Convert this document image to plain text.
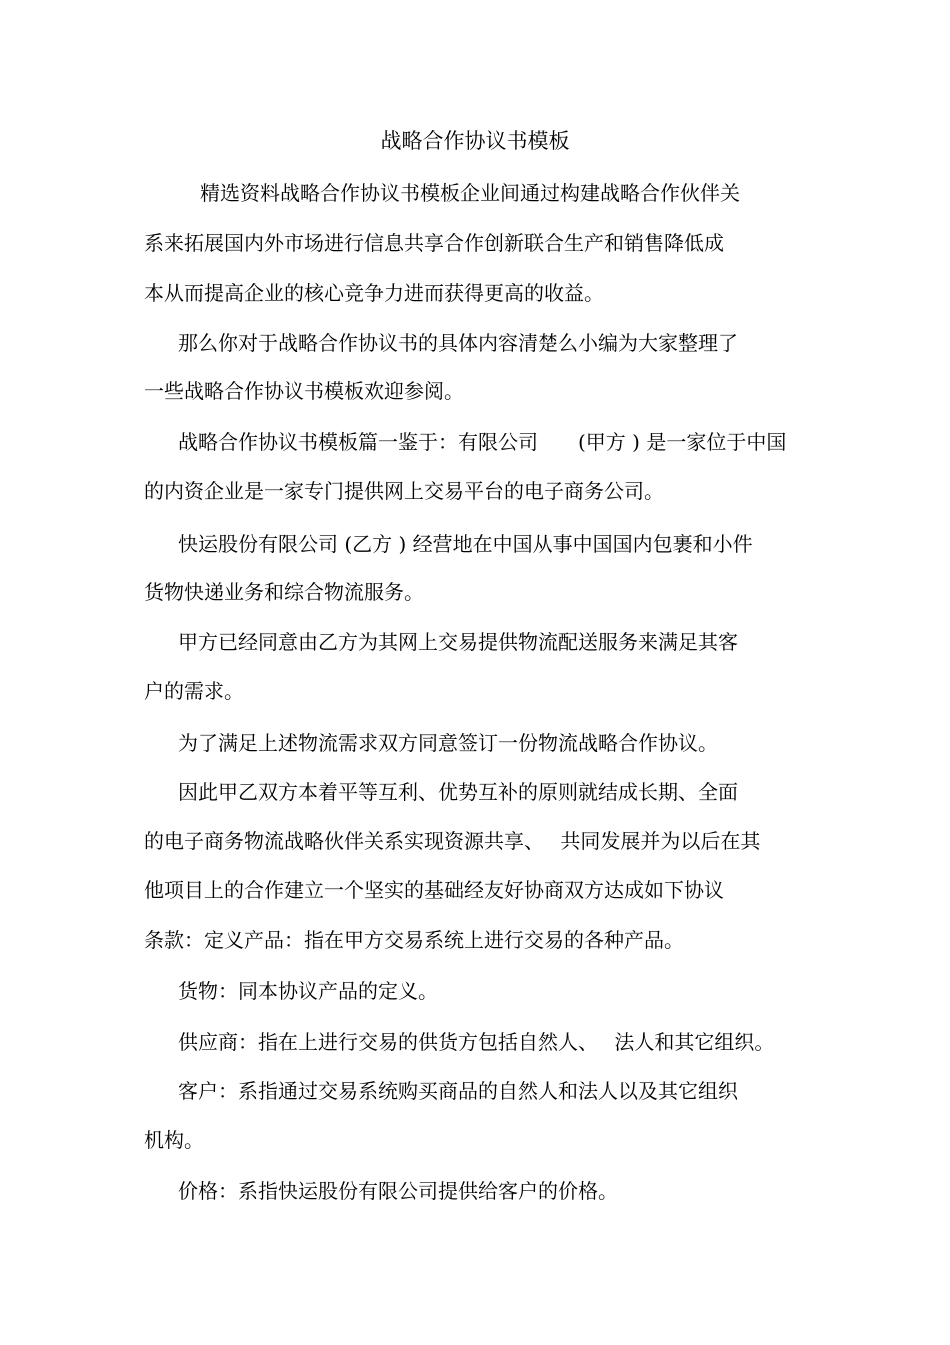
战略合作协议书模板
精选资料战略合作协议书模板企业间通过构建战略合作伙伴关
系来拓展国内外市场进行信息共享合作创新联合生产和销售降低成
本从而提高企业的核心竞争力进而获得更高的收益。
那么你对于战略合作协议书的具体内容清楚么小编为大家整理了
一些战略合作协议书模板欢迎参阅。
战略合作协议书模板篇一鉴于：有限公司　　(甲方 ) 是一家位于中国
的内资企业是一家专门提供网上交易平台的电子商务公司。
快运股份有限公司 (乙方 ) 经营地在中国从事中国国内包裹和小件
货物快递业务和综合物流服务。
甲方已经同意由乙方为其网上交易提供物流配送服务来满足其客
户的需求。
为了满足上述物流需求双方同意签订一份物流战略合作协议。
因此甲乙双方本着平等互利、优势互补的原则就结成长期、全面
的电子商务物流战略伙伴关系实现资源共享、　 共同发展并为以后在其
他项目上的合作建立一个坚实的基础经友好协商双方达成如下协议
条款：定义产品：指在甲方交易系统上进行交易的各种产品。
货物：同本协议产品的定义。
供应商：指在上进行交易的供货方包括自然人、　 法人和其它组织。
客户：系指通过交易系统购买商品的自然人和法人以及其它组织
机构。
价格：系指快运股份有限公司提供给客户的价格。
